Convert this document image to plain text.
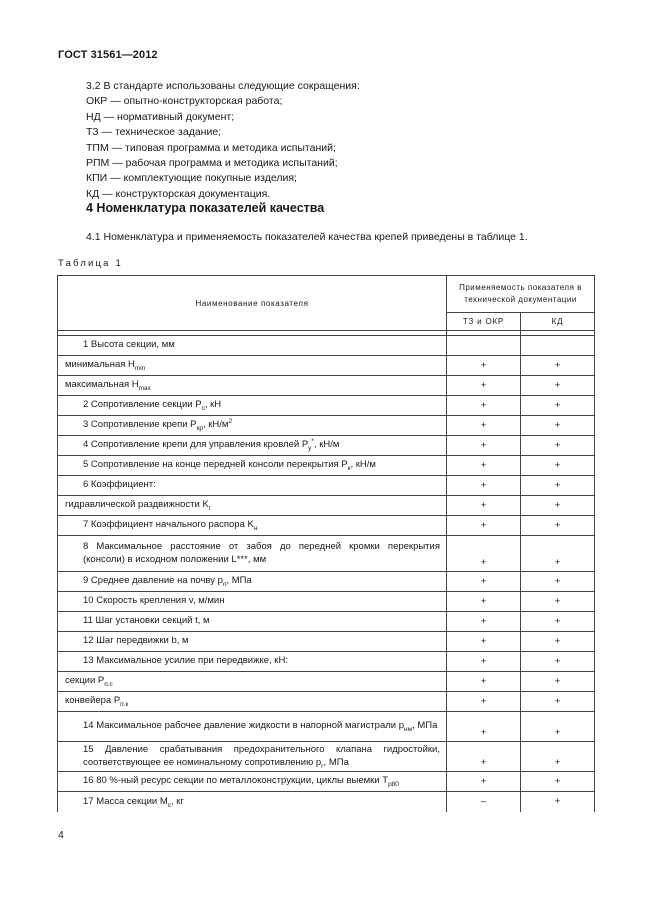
ГОСТ 31561—2012
3.2 В стандарте использованы следующие сокращения:
ОКР — опытно-конструкторская работа;
НД — нормативный документ;
ТЗ — техническое задание;
ТПМ — типовая программа и методика испытаний;
РПМ — рабочая программа и методика испытаний;
КПИ — комплектующие покупные изделия;
КД — конструкторская документация.
4 Номенклатура показателей качества
4.1 Номенклатура и применяемость показателей качества крепей приведены в таблице 1.
Таблица 1
Наименование показателя	Применяемость показателя в технической документации	
	ТЗ и ОКР	КД

1 Высота секции, мм		

минимальная $H_{min}$	+	+

максимальная $H_{max}$	+	+

2 Сопротивление секции $P_c$, кН	+	+

3 Сопротивление крепи $P_{кр}$, $кН/м^2$	+	+

4 Сопротивление крепи для управления кровлей $P_у^*$, кН/м	+	+

5 Сопротивление на конце передней консоли перекрытия $P_к$, кН/м	+	+

6 Коэффициент:	+	+

гидравлической раздвижности $K_г$	+	+

7 Коэффициент начального распора $K_н$	+	+

8 Максимальное расстояние от забоя до передней кромки перекрытия (консоли) в исходном положении L***, мм	+	+

9 Среднее давление на почву $p_п$, МПа	+	+

10 Скорость крепления v, м/мин	+	+

11 Шаг установки секций t, м	+	+

12 Шаг передвижки b, м	+	+

13 Максимальное усилие при передвижке, кН:	+	+

секции $P_{п.с}$	+	+

конвейера $P_{п.к}$	+	+

14 Максимальное рабочее давление жидкости в напорной магистрали $p_{нм}$, МПа	+	+

15 Давление срабатывания предохранительного клапана гидростойки, соответствующее ее номинальному сопротивлению $p_г$, МПа	+	+

16 80 %-ный ресурс секции по металлоконструкции, циклы выемки $T_{р80}$	+	+

17 Масса секции $M_с$, кг	–	+
4
